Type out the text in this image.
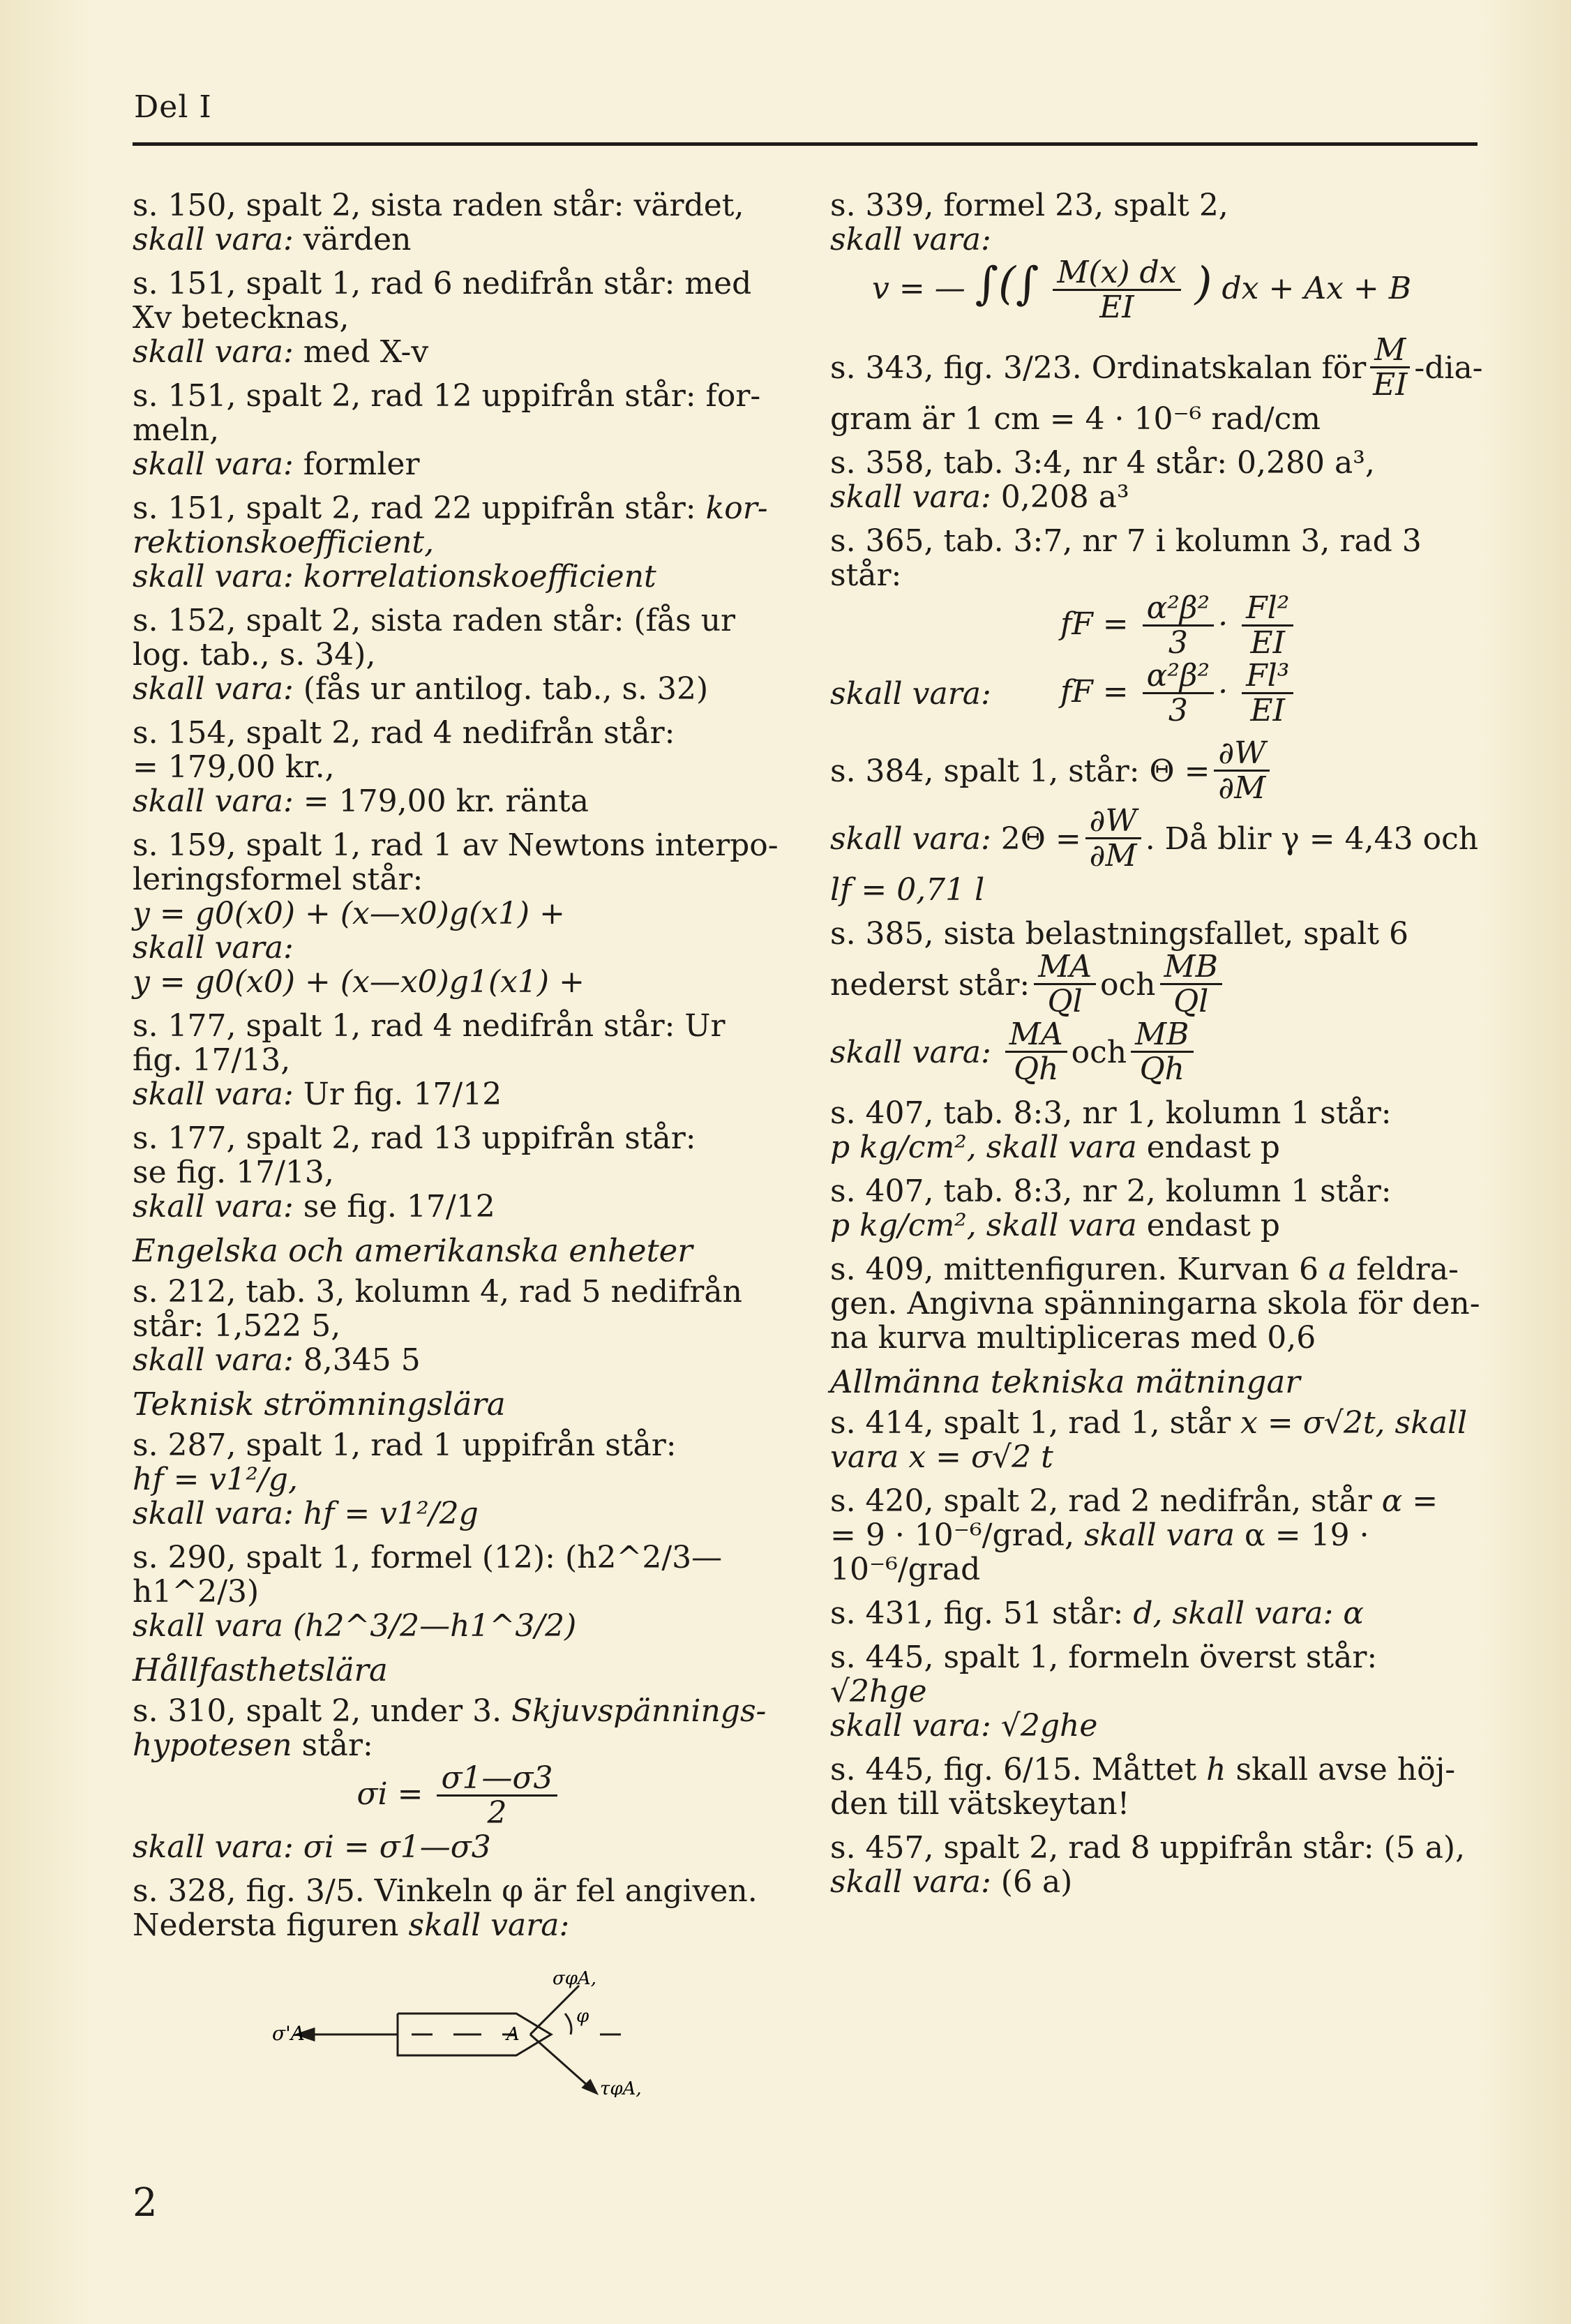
Del I

s. 150, spalt 2, sista raden står: värdet,

skall vara: värden

s. 151, spalt 1, rad 6 nedifrån står: med

Xv betecknas,

skall vara: med X-v

s. 151, spalt 2, rad 12 uppifrån står: for-

meln,

skall vara: formler

s. 151, spalt 2, rad 22 uppifrån står: kor-

rektionskoefficient,

skall vara: korrelationskoefficient

s. 152, spalt 2, sista raden står: (fås ur

log. tab., s. 34),

skall vara: (fås ur antilog. tab., s. 32)

s. 154, spalt 2, rad 4 nedifrån står:

= 179,00 kr.,

skall vara: = 179,00 kr. ränta

s. 159, spalt 1, rad 1 av Newtons interpo-

leringsformel står:

y = g0(x0) + (x—x0)g(x1) +

skall vara:

y = g0(x0) + (x—x0)g1(x1) +

s. 177, spalt 1, rad 4 nedifrån står: Ur

fig. 17/13,

skall vara: Ur fig. 17/12

s. 177, spalt 2, rad 13 uppifrån står:

se fig. 17/13,

skall vara: se fig. 17/12

Engelska och amerikanska enheter

s. 212, tab. 3, kolumn 4, rad 5 nedifrån

står: 1,522 5,

skall vara: 8,345 5

Teknisk strömningslära

s. 287, spalt 1, rad 1 uppifrån står:

hf = v1²/g,

skall vara: hf = v1²/2g

s. 290, spalt 1, formel (12): (h2^2/3—h1^2/3)

skall vara (h2^3/2—h1^3/2)

Hållfasthetslära

s. 310, spalt 2, under 3. Skjuvspännings-

hypotesen står:

$\sigma i = \frac{\sigma 1—\sigma 3}{2}$

skall vara: σi = σ1—σ3

s. 328, fig. 3/5. Vinkeln φ är fel angiven.

Nedersta figuren skall vara:

σ'A	A
σφA,
φ
τφA,

s. 339, formel 23, spalt 2,

skall vara:

v = — ∫(∫ $\frac{M(x) dx}{EI}$ ) dx + Ax + B

s. 343, fig. 3/23. Ordinatskalan för $\frac{M}{EI} -dia-$

gram är 1 cm = 4 · 10⁻⁶ rad/cm

s. 358, tab. 3:4, nr 4 står: 0,280 a³,

skall vara: 0,208 a³

s. 365, tab. 3:7, nr 7 i kolumn 3, rad 3

står:

fF = $\frac{\text{α²β²}}{3} \cdot \frac{\text{Fl²}}{EI}$

skall vara:	fF = $\frac{\text{α²β²}}{3} \cdot \frac{\text{Fl³}}{EI}$

s. 384, spalt 1, står: $\Theta = \frac{\partial W}{\partial M}$

skall vara:
$2\Theta = \frac{\partial W}{\partial M}$ . Då blir γ = 4,43 och

lf = 0,71 l

s. 385, sista belastningsfallet, spalt 6

nederst står: $\frac{MA}{Ql}$ och $\frac{MB}{Ql}$

skall vara:
$\frac{MA}{Qh}$ och $\frac{MB}{Qh}$

s. 407, tab. 8:3, nr 1, kolumn 1 står:

p kg/cm², skall vara endast p

s. 407, tab. 8:3, nr 2, kolumn 1 står:

p kg/cm², skall vara endast p

s. 409, mittenfiguren. Kurvan 6 a feldra-

gen. Angivna spänningarna skola för den-

na kurva multipliceras med 0,6

Allmänna tekniska mätningar

s. 414, spalt 1, rad 1, står x = σ√2t, skall

vara x = σ√2 t

s. 420, spalt 2, rad 2 nedifrån, står α =

= 9 · 10⁻⁶/grad, skall vara α = 19 · 10⁻⁶/grad

s. 431, fig. 51 står: d, skall vara: α

s. 445, spalt 1, formeln överst står: √2hge

skall vara: √2ghe

s. 445, fig. 6/15. Måttet h skall avse höj-

den till vätskeytan!

s. 457, spalt 2, rad 8 uppifrån står: (5 a),

skall vara: (6 a)

2
